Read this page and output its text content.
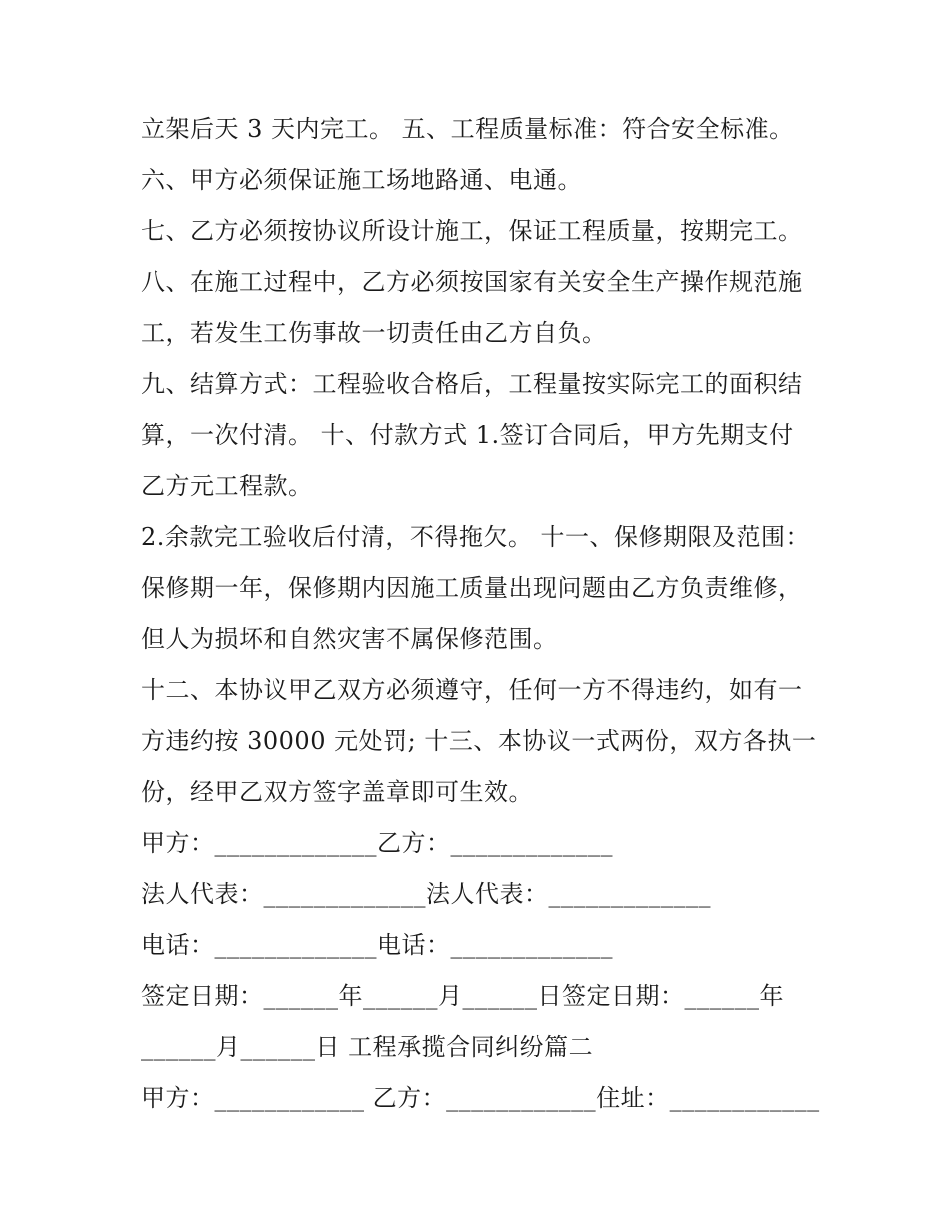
立架后天 3 天内完工。 五、工程质量标准：符合安全标准。
六、甲方必须保证施工场地路通、电通。
七、乙方必须按协议所设计施工，保证工程质量，按期完工。
八、在施工过程中，乙方必须按国家有关安全生产操作规范施
工，若发生工伤事故一切责任由乙方自负。
九、结算方式：工程验收合格后，工程量按实际完工的面积结
算，一次付清。 十、付款方式 1.签订合同后，甲方先期支付
乙方元工程款。
2.余款完工验收后付清，不得拖欠。 十一、保修期限及范围：
保修期一年，保修期内因施工质量出现问题由乙方负责维修，
但人为损坏和自然灾害不属保修范围。
十二、本协议甲乙双方必须遵守，任何一方不得违约，如有一
方违约按 30000 元处罚; 十三、本协议一式两份，双方各执一
份，经甲乙双方签字盖章即可生效。
甲方：_____________乙方：_____________
法人代表：_____________法人代表：_____________
电话：_____________电话：_____________
签定日期：______年______月______日签定日期：______年
______月______日 工程承揽合同纠纷篇二
甲方：____________ 乙方：____________住址：____________
